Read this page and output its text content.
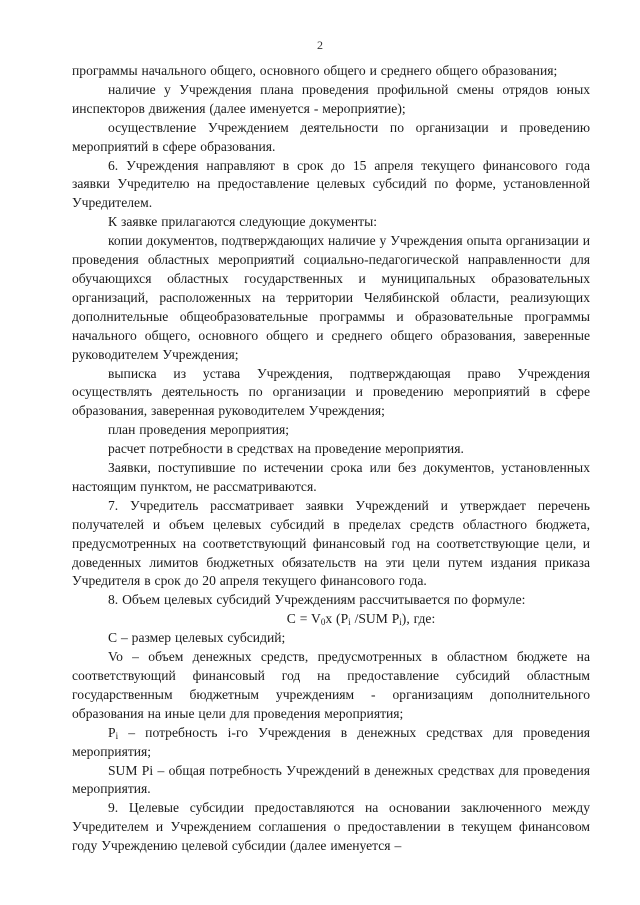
2

программы начального общего, основного общего и среднего общего образования;

наличие у Учреждения плана проведения профильной смены отрядов юных инспекторов движения (далее именуется - мероприятие);

осуществление Учреждением деятельности по организации и проведению мероприятий в сфере образования.

6. Учреждения направляют в срок до 15 апреля текущего финансового года заявки Учредителю на предоставление целевых субсидий по форме, установленной Учредителем.

К заявке прилагаются следующие документы:

копии документов, подтверждающих наличие у Учреждения опыта организации и проведения областных мероприятий социально-педагогической направленности для обучающихся областных государственных и муниципальных образовательных организаций, расположенных на территории Челябинской области, реализующих дополнительные общеобразовательные программы и образовательные программы начального общего, основного общего и среднего общего образования, заверенные руководителем Учреждения;

выписка из устава Учреждения, подтверждающая право Учреждения осуществлять деятельность по организации и проведению мероприятий в сфере образования, заверенная руководителем Учреждения;

план проведения мероприятия;

расчет потребности в средствах на проведение мероприятия.

Заявки, поступившие по истечении срока или без документов, установленных настоящим пунктом, не рассматриваются.

7. Учредитель рассматривает заявки Учреждений и утверждает перечень получателей и объем целевых субсидий в пределах средств областного бюджета, предусмотренных на соответствующий финансовый год на соответствующие цели, и доведенных лимитов бюджетных обязательств на эти цели путем издания приказа Учредителя в срок до 20 апреля текущего финансового года.

8. Объем целевых субсидий Учреждениям рассчитывается по формуле:

$C = V_0x$ ($P_i$ /SUM $P_i$), где:

С – размер целевых субсидий;

Vo – объем денежных средств, предусмотренных в областном бюджете на соответствующий финансовый год на предоставление субсидий областным государственным бюджетным учреждениям - организациям дополнительного образования на иные цели для проведения мероприятия;

$P_i$ – потребность i-го Учреждения в денежных средствах для проведения мероприятия;

SUM Pi – общая потребность Учреждений в денежных средствах для проведения мероприятия.

9. Целевые субсидии предоставляются на основании заключенного между Учредителем и Учреждением соглашения о предоставлении в текущем финансовом году Учреждению целевой субсидии (далее именуется –
